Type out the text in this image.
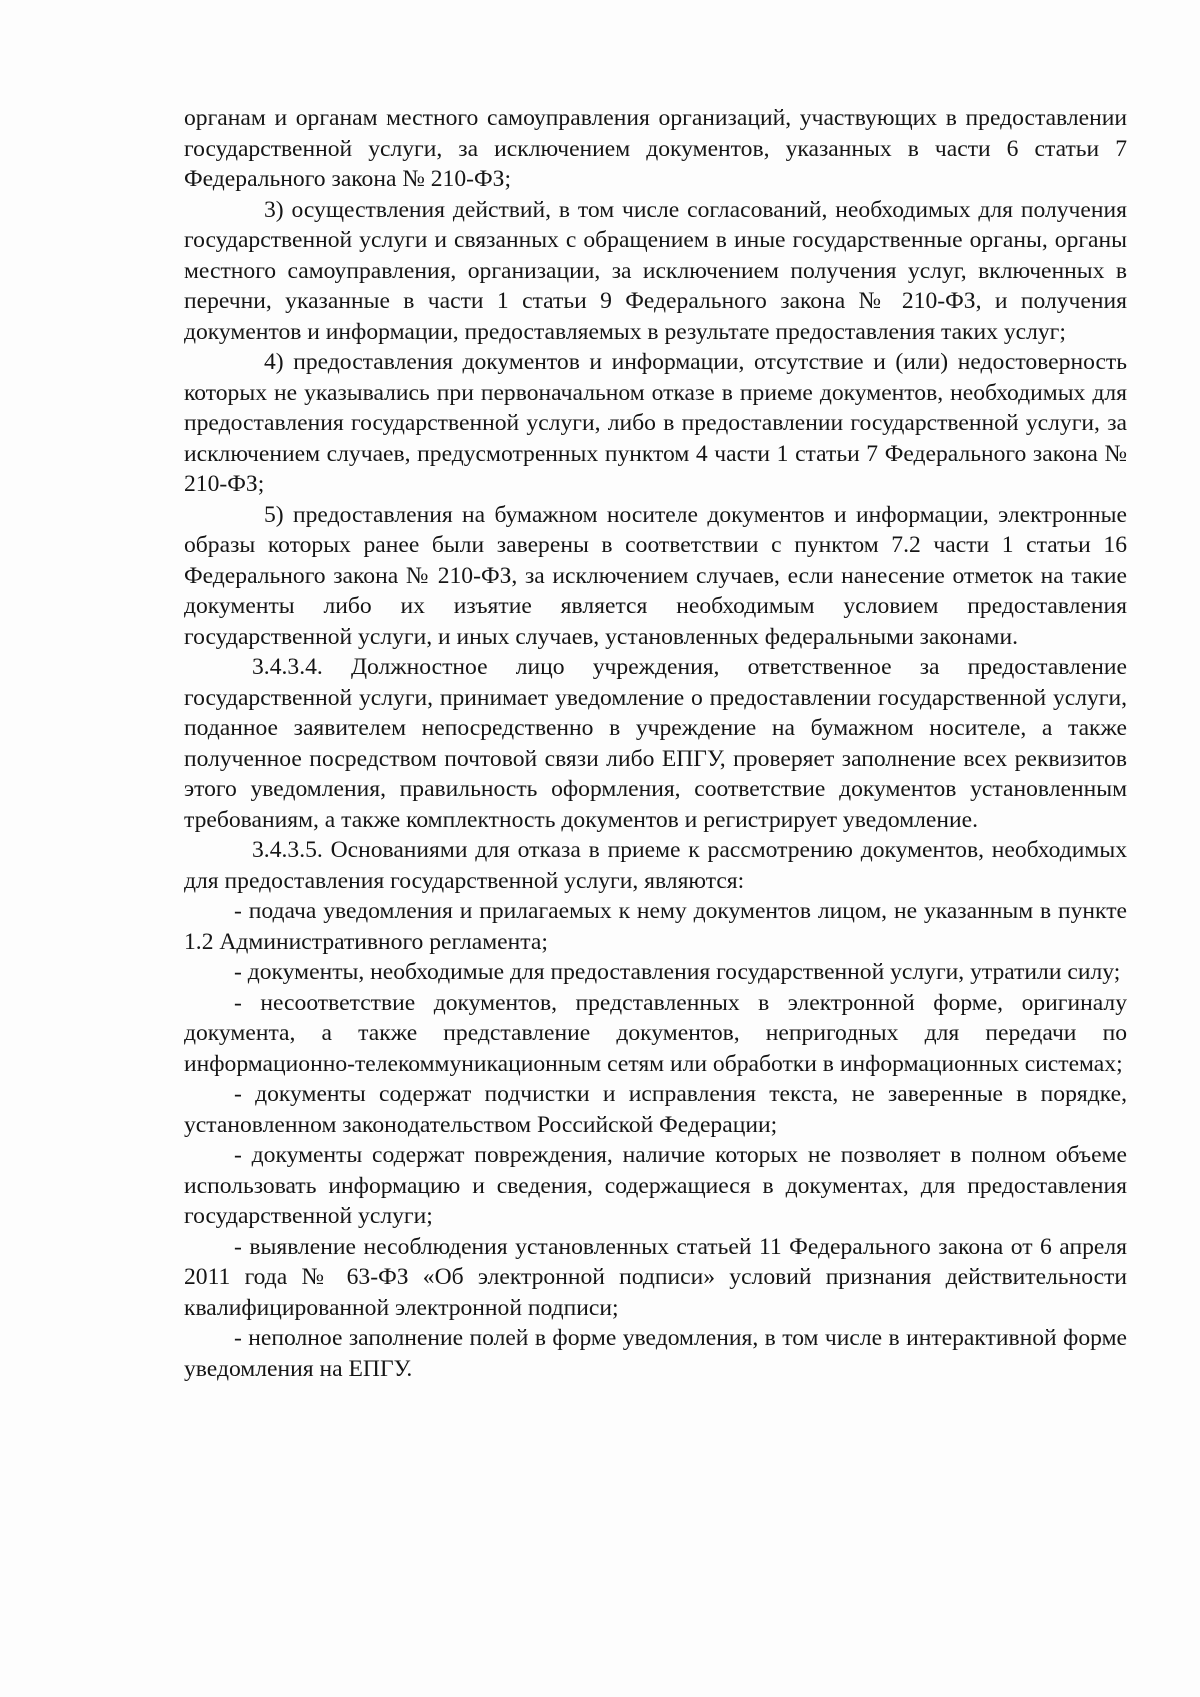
органам и органам местного самоуправления организаций, участвующих в предоставлении государственной услуги, за исключением документов, указанных в части 6 статьи 7 Федерального закона № 210-ФЗ;

3) осуществления действий, в том числе согласований, необходимых для получения государственной услуги и связанных с обращением в иные государственные органы, органы местного самоуправления, организации, за исключением получения услуг, включенных в перечни, указанные в части 1 статьи 9 Федерального закона № 210-ФЗ, и получения документов и информации, предоставляемых в результате предоставления таких услуг;

4) предоставления документов и информации, отсутствие и (или) недостоверность которых не указывались при первоначальном отказе в приеме документов, необходимых для предоставления государственной услуги, либо в предоставлении государственной услуги, за исключением случаев, предусмотренных пунктом 4 части 1 статьи 7 Федерального закона № 210-ФЗ;

5) предоставления на бумажном носителе документов и информации, электронные образы которых ранее были заверены в соответствии с пунктом 7.2 части 1 статьи 16 Федерального закона № 210-ФЗ, за исключением случаев, если нанесение отметок на такие документы либо их изъятие является необходимым условием предоставления государственной услуги, и иных случаев, установленных федеральными законами.

3.4.3.4. Должностное лицо учреждения, ответственное за предоставление государственной услуги, принимает уведомление о предоставлении государственной услуги, поданное заявителем непосредственно в учреждение на бумажном носителе, а также полученное посредством почтовой связи либо ЕПГУ, проверяет заполнение всех реквизитов этого уведомления, правильность оформления, соответствие документов установленным требованиям, а также комплектность документов и регистрирует уведомление.

3.4.3.5. Основаниями для отказа в приеме к рассмотрению документов, необходимых для предоставления государственной услуги, являются:

- подача уведомления и прилагаемых к нему документов лицом, не указанным в пункте 1.2 Административного регламента;

- документы, необходимые для предоставления государственной услуги, утратили силу;

- несоответствие документов, представленных в электронной форме, оригиналу документа, а также представление документов, непригодных для передачи по информационно-телекоммуникационным сетям или обработки в информационных системах;

- документы содержат подчистки и исправления текста, не заверенные в порядке, установленном законодательством Российской Федерации;

- документы содержат повреждения, наличие которых не позволяет в полном объеме использовать информацию и сведения, содержащиеся в документах, для предоставления государственной услуги;

- выявление несоблюдения установленных статьей 11 Федерального закона от 6 апреля 2011 года № 63-ФЗ «Об электронной подписи» условий признания действительности квалифицированной электронной подписи;

- неполное заполнение полей в форме уведомления, в том числе в интерактивной форме уведомления на ЕПГУ.
